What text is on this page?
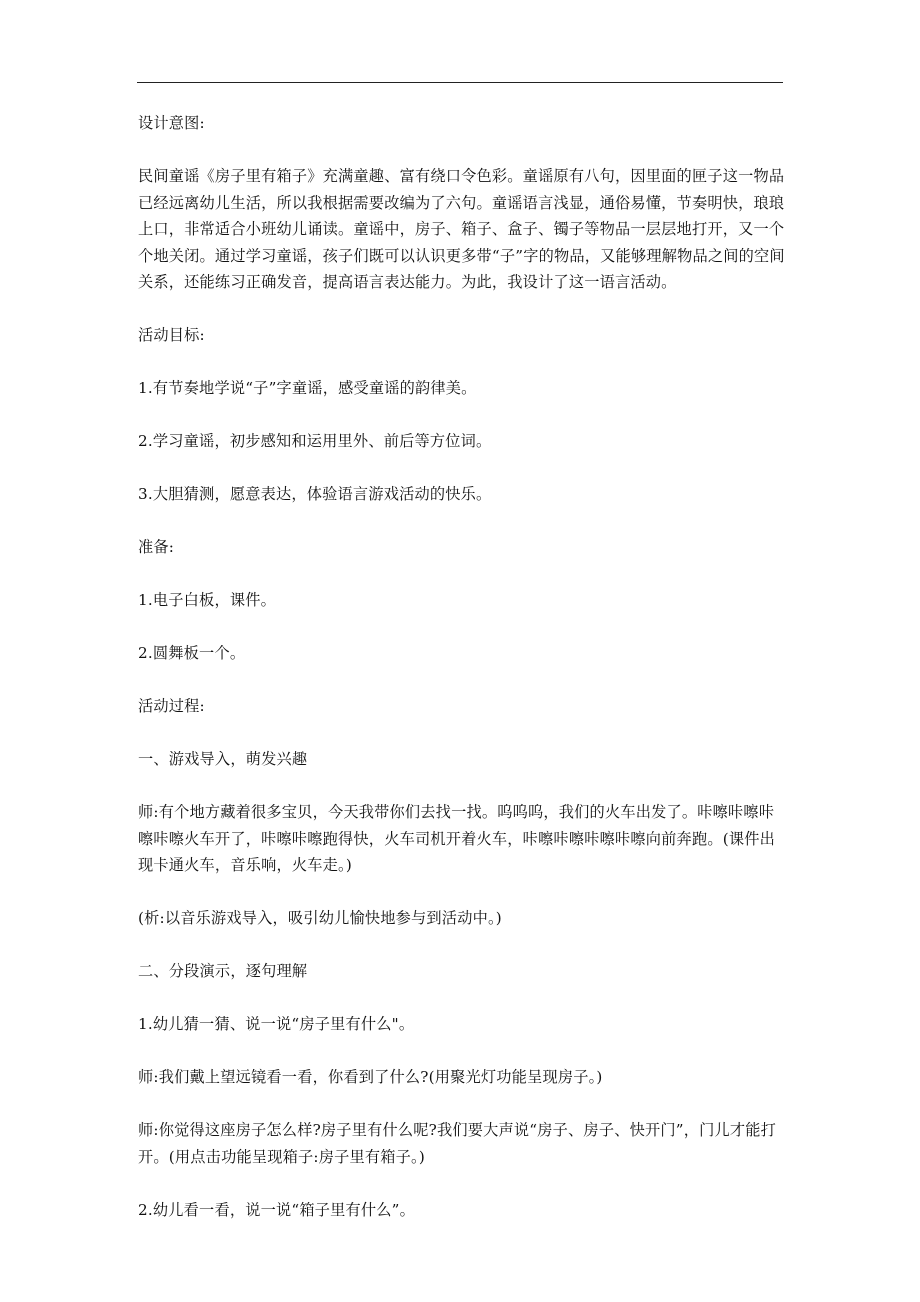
设计意图:

民间童谣《房子里有箱子》充满童趣、富有绕口令色彩。童谣原有八句，因里面的匣子这一物品已经远离幼儿生活，所以我根据需要改编为了六句。童谣语言浅显，通俗易懂，节奏明快，琅琅上口，非常适合小班幼儿诵读。童谣中，房子、箱子、盒子、镯子等物品一层层地打开，又一个个地关闭。通过学习童谣，孩子们既可以认识更多带“子”字的物品，又能够理解物品之间的空间关系，还能练习正确发音，提高语言表达能力。为此，我设计了这一语言活动。

活动目标:

1.有节奏地学说“子”字童谣，感受童谣的韵律美。

2.学习童谣，初步感知和运用里外、前后等方位词。

3.大胆猜测，愿意表达，体验语言游戏活动的快乐。

准备:

1.电子白板，课件。

2.圆舞板一个。

活动过程:

一、游戏导入，萌发兴趣

师:有个地方藏着很多宝贝，今天我带你们去找一找。呜呜呜，我们的火车出发了。咔嚓咔嚓咔嚓咔嚓火车开了，咔嚓咔嚓跑得快，火车司机开着火车，咔嚓咔嚓咔嚓咔嚓向前奔跑。(课件出现卡通火车，音乐响，火车走。)

(析:以音乐游戏导入，吸引幼儿愉快地参与到活动中。)

二、分段演示，逐句理解

1.幼儿猜一猜、说一说“房子里有什么"。

师:我们戴上望远镜看一看，你看到了什么?(用聚光灯功能呈现房子。)

师:你觉得这座房子怎么样?房子里有什么呢?我们要大声说“房子、房子、快开门”，门儿才能打开。(用点击功能呈现箱子:房子里有箱子。)

2.幼儿看一看，说一说“箱子里有什么”。
